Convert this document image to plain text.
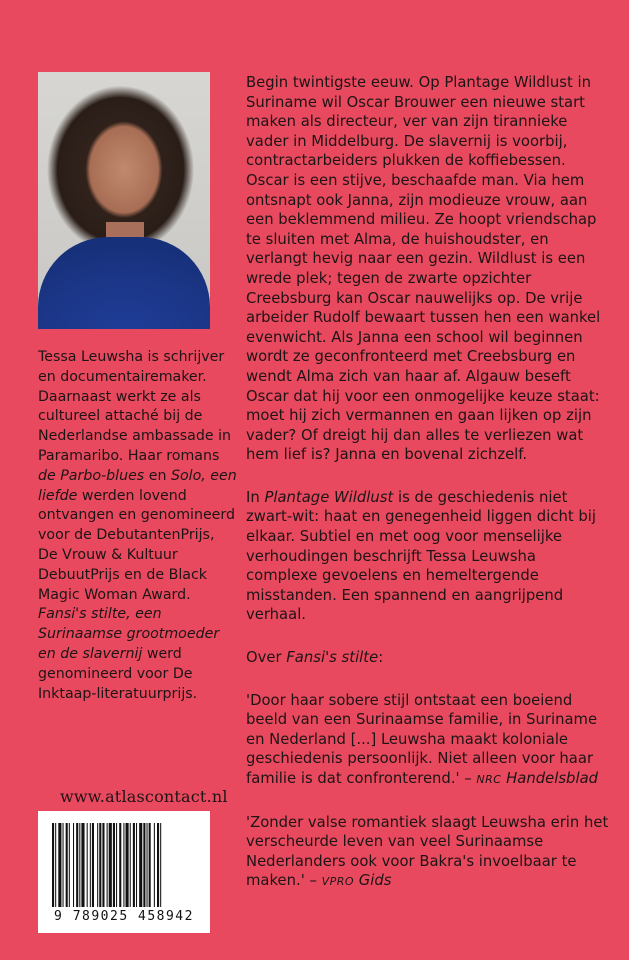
Tessa Leuwsha is schrijver en documentairemaker. Daarnaast werkt ze als cultureel attaché bij de Nederlandse ambassade in Paramaribo. Haar romans de Parbo-blues en Solo, een liefde werden lovend ontvangen en genomineerd voor de DebutantenPrijs, De Vrouw & Kultuur DebuutPrijs en de Black Magic Woman Award. Fansi's stilte, een Surinaamse grootmoeder en de slavernij werd genomineerd voor De Inktaap-literatuurprijs.

www.atlascontact.nl
9 789025 458942

Begin twintigste eeuw. Op Plantage Wildlust in Suriname wil Oscar Brouwer een nieuwe start maken als directeur, ver van zijn tirannieke vader in Middelburg. De slavernij is voorbij, contractarbeiders plukken de koffiebessen. Oscar is een stijve, beschaafde man. Via hem ontsnapt ook Janna, zijn modieuze vrouw, aan een beklemmend milieu. Ze hoopt vriendschap te sluiten met Alma, de huishoudster, en verlangt hevig naar een gezin. Wildlust is een wrede plek; tegen de zwarte opzichter Creebsburg kan Oscar nauwelijks op. De vrije arbeider Rudolf bewaart tussen hen een wankel evenwicht. Als Janna een school wil beginnen wordt ze geconfronteerd met Creebsburg en wendt Alma zich van haar af. Algauw beseft Oscar dat hij voor een onmogelijke keuze staat: moet hij zich vermannen en gaan lijken op zijn vader? Of dreigt hij dan alles te verliezen wat hem lief is? Janna en bovenal zichzelf.

In Plantage Wildlust is de geschiedenis niet zwart-wit: haat en genegenheid liggen dicht bij elkaar. Subtiel en met oog voor menselijke verhoudingen beschrijft Tessa Leuwsha complexe gevoelens en hemeltergende misstanden. Een spannend en aangrijpend verhaal.

Over Fansi's stilte:

'Door haar sobere stijl ontstaat een boeiend beeld van een Surinaamse familie, in Suriname en Nederland [...] Leuwsha maakt koloniale geschiedenis persoonlijk. Niet alleen voor haar familie is dat confronterend.' – NRC Handelsblad

'Zonder valse romantiek slaagt Leuwsha erin het verscheurde leven van veel Surinaamse Nederlanders ook voor Bakra's invoelbaar te maken.' – VPRO Gids
